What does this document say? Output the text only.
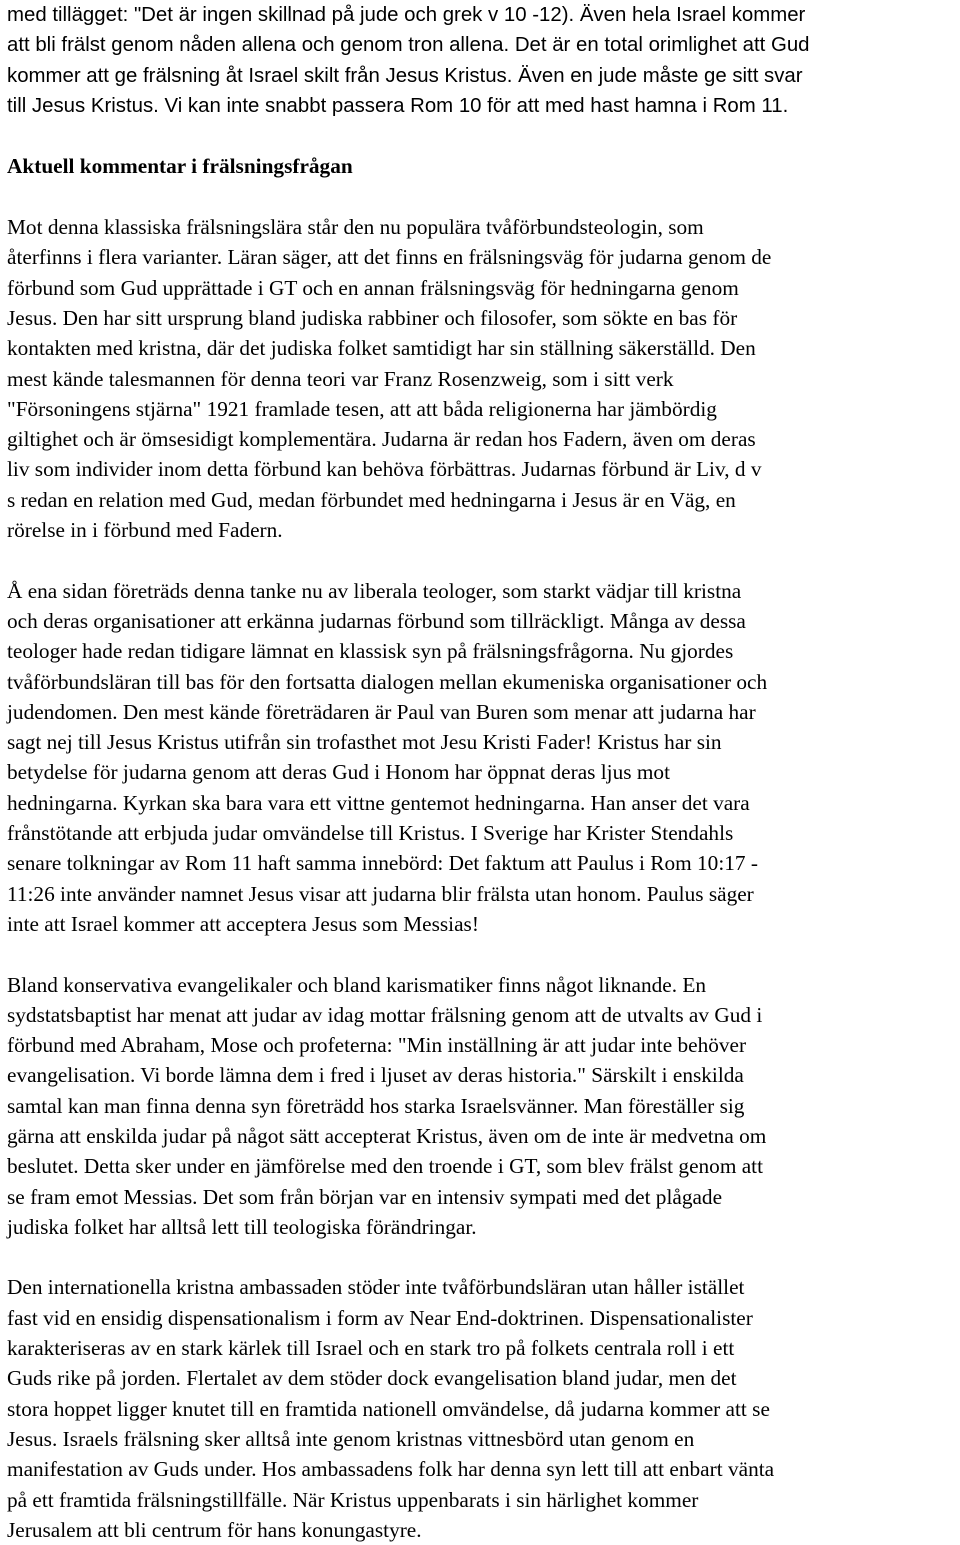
med tillägget: "Det är ingen skillnad på jude och grek v 10 -12). Även hela Israel kommer
att bli frälst genom nåden allena och genom tron allena. Det är en total orimlighet att Gud
kommer att ge frälsning åt Israel skilt från Jesus Kristus. Även en jude måste ge sitt svar
till Jesus Kristus. Vi kan inte snabbt passera Rom 10 för att med hast hamna i Rom 11.

Aktuell kommentar i frälsningsfrågan

Mot denna klassiska frälsningslära står den nu populära tvåförbundsteologin, som
återfinns i flera varianter. Läran säger, att det finns en frälsningsväg för judarna genom de
förbund som Gud upprättade i GT och en annan frälsningsväg för hedningarna genom
Jesus. Den har sitt ursprung bland judiska rabbiner och filosofer, som sökte en bas för
kontakten med kristna, där det judiska folket samtidigt har sin ställning säkerställd. Den
mest kände talesmannen för denna teori var Franz Rosenzweig, som i sitt verk
"Försoningens stjärna" 1921 framlade tesen, att att båda religionerna har jämbördig
giltighet och är ömsesidigt komplementära. Judarna är redan hos Fadern, även om deras
liv som individer inom detta förbund kan behöva förbättras. Judarnas förbund är Liv, d v
s redan en relation med Gud, medan förbundet med hedningarna i Jesus är en Väg, en
rörelse in i förbund med Fadern.

Å ena sidan företräds denna tanke nu av liberala teologer, som starkt vädjar till kristna
och deras organisationer att erkänna judarnas förbund som tillräckligt. Många av dessa
teologer hade redan tidigare lämnat en klassisk syn på frälsningsfrågorna. Nu gjordes
tvåförbundsläran till bas för den fortsatta dialogen mellan ekumeniska organisationer och
judendomen. Den mest kände företrädaren är Paul van Buren som menar att judarna har
sagt nej till Jesus Kristus utifrån sin trofasthet mot Jesu Kristi Fader! Kristus har sin
betydelse för judarna genom att deras Gud i Honom har öppnat deras ljus mot
hedningarna. Kyrkan ska bara vara ett vittne gentemot hedningarna. Han anser det vara
frånstötande att erbjuda judar omvändelse till Kristus. I Sverige har Krister Stendahls
senare tolkningar av Rom 11 haft samma innebörd: Det faktum att Paulus i Rom 10:17 -
11:26 inte använder namnet Jesus visar att judarna blir frälsta utan honom. Paulus säger
inte att Israel kommer att acceptera Jesus som Messias!

Bland konservativa evangelikaler och bland karismatiker finns något liknande. En
sydstatsbaptist har menat att judar av idag mottar frälsning genom att de utvalts av Gud i
förbund med Abraham, Mose och profeterna: "Min inställning är att judar inte behöver
evangelisation. Vi borde lämna dem i fred i ljuset av deras historia." Särskilt i enskilda
samtal kan man finna denna syn företrädd hos starka Israelsvänner. Man föreställer sig
gärna att enskilda judar på något sätt accepterat Kristus, även om de inte är medvetna om
beslutet. Detta sker under en jämförelse med den troende i GT, som blev frälst genom att
se fram emot Messias. Det som från början var en intensiv sympati med det plågade
judiska folket har alltså lett till teologiska förändringar.

Den internationella kristna ambassaden stöder inte tvåförbundsläran utan håller istället
fast vid en ensidig dispensationalism i form av Near End-doktrinen. Dispensationalister
karakteriseras av en stark kärlek till Israel och en stark tro på folkets centrala roll i ett
Guds rike på jorden. Flertalet av dem stöder dock evangelisation bland judar, men det
stora hoppet ligger knutet till en framtida nationell omvändelse, då judarna kommer att se
Jesus. Israels frälsning sker alltså inte genom kristnas vittnesbörd utan genom en
manifestation av Guds under. Hos ambassadens folk har denna syn lett till att enbart vänta
på ett framtida frälsningstillfälle. När Kristus uppenbarats i sin härlighet kommer
Jerusalem att bli centrum för hans konungastyre.
